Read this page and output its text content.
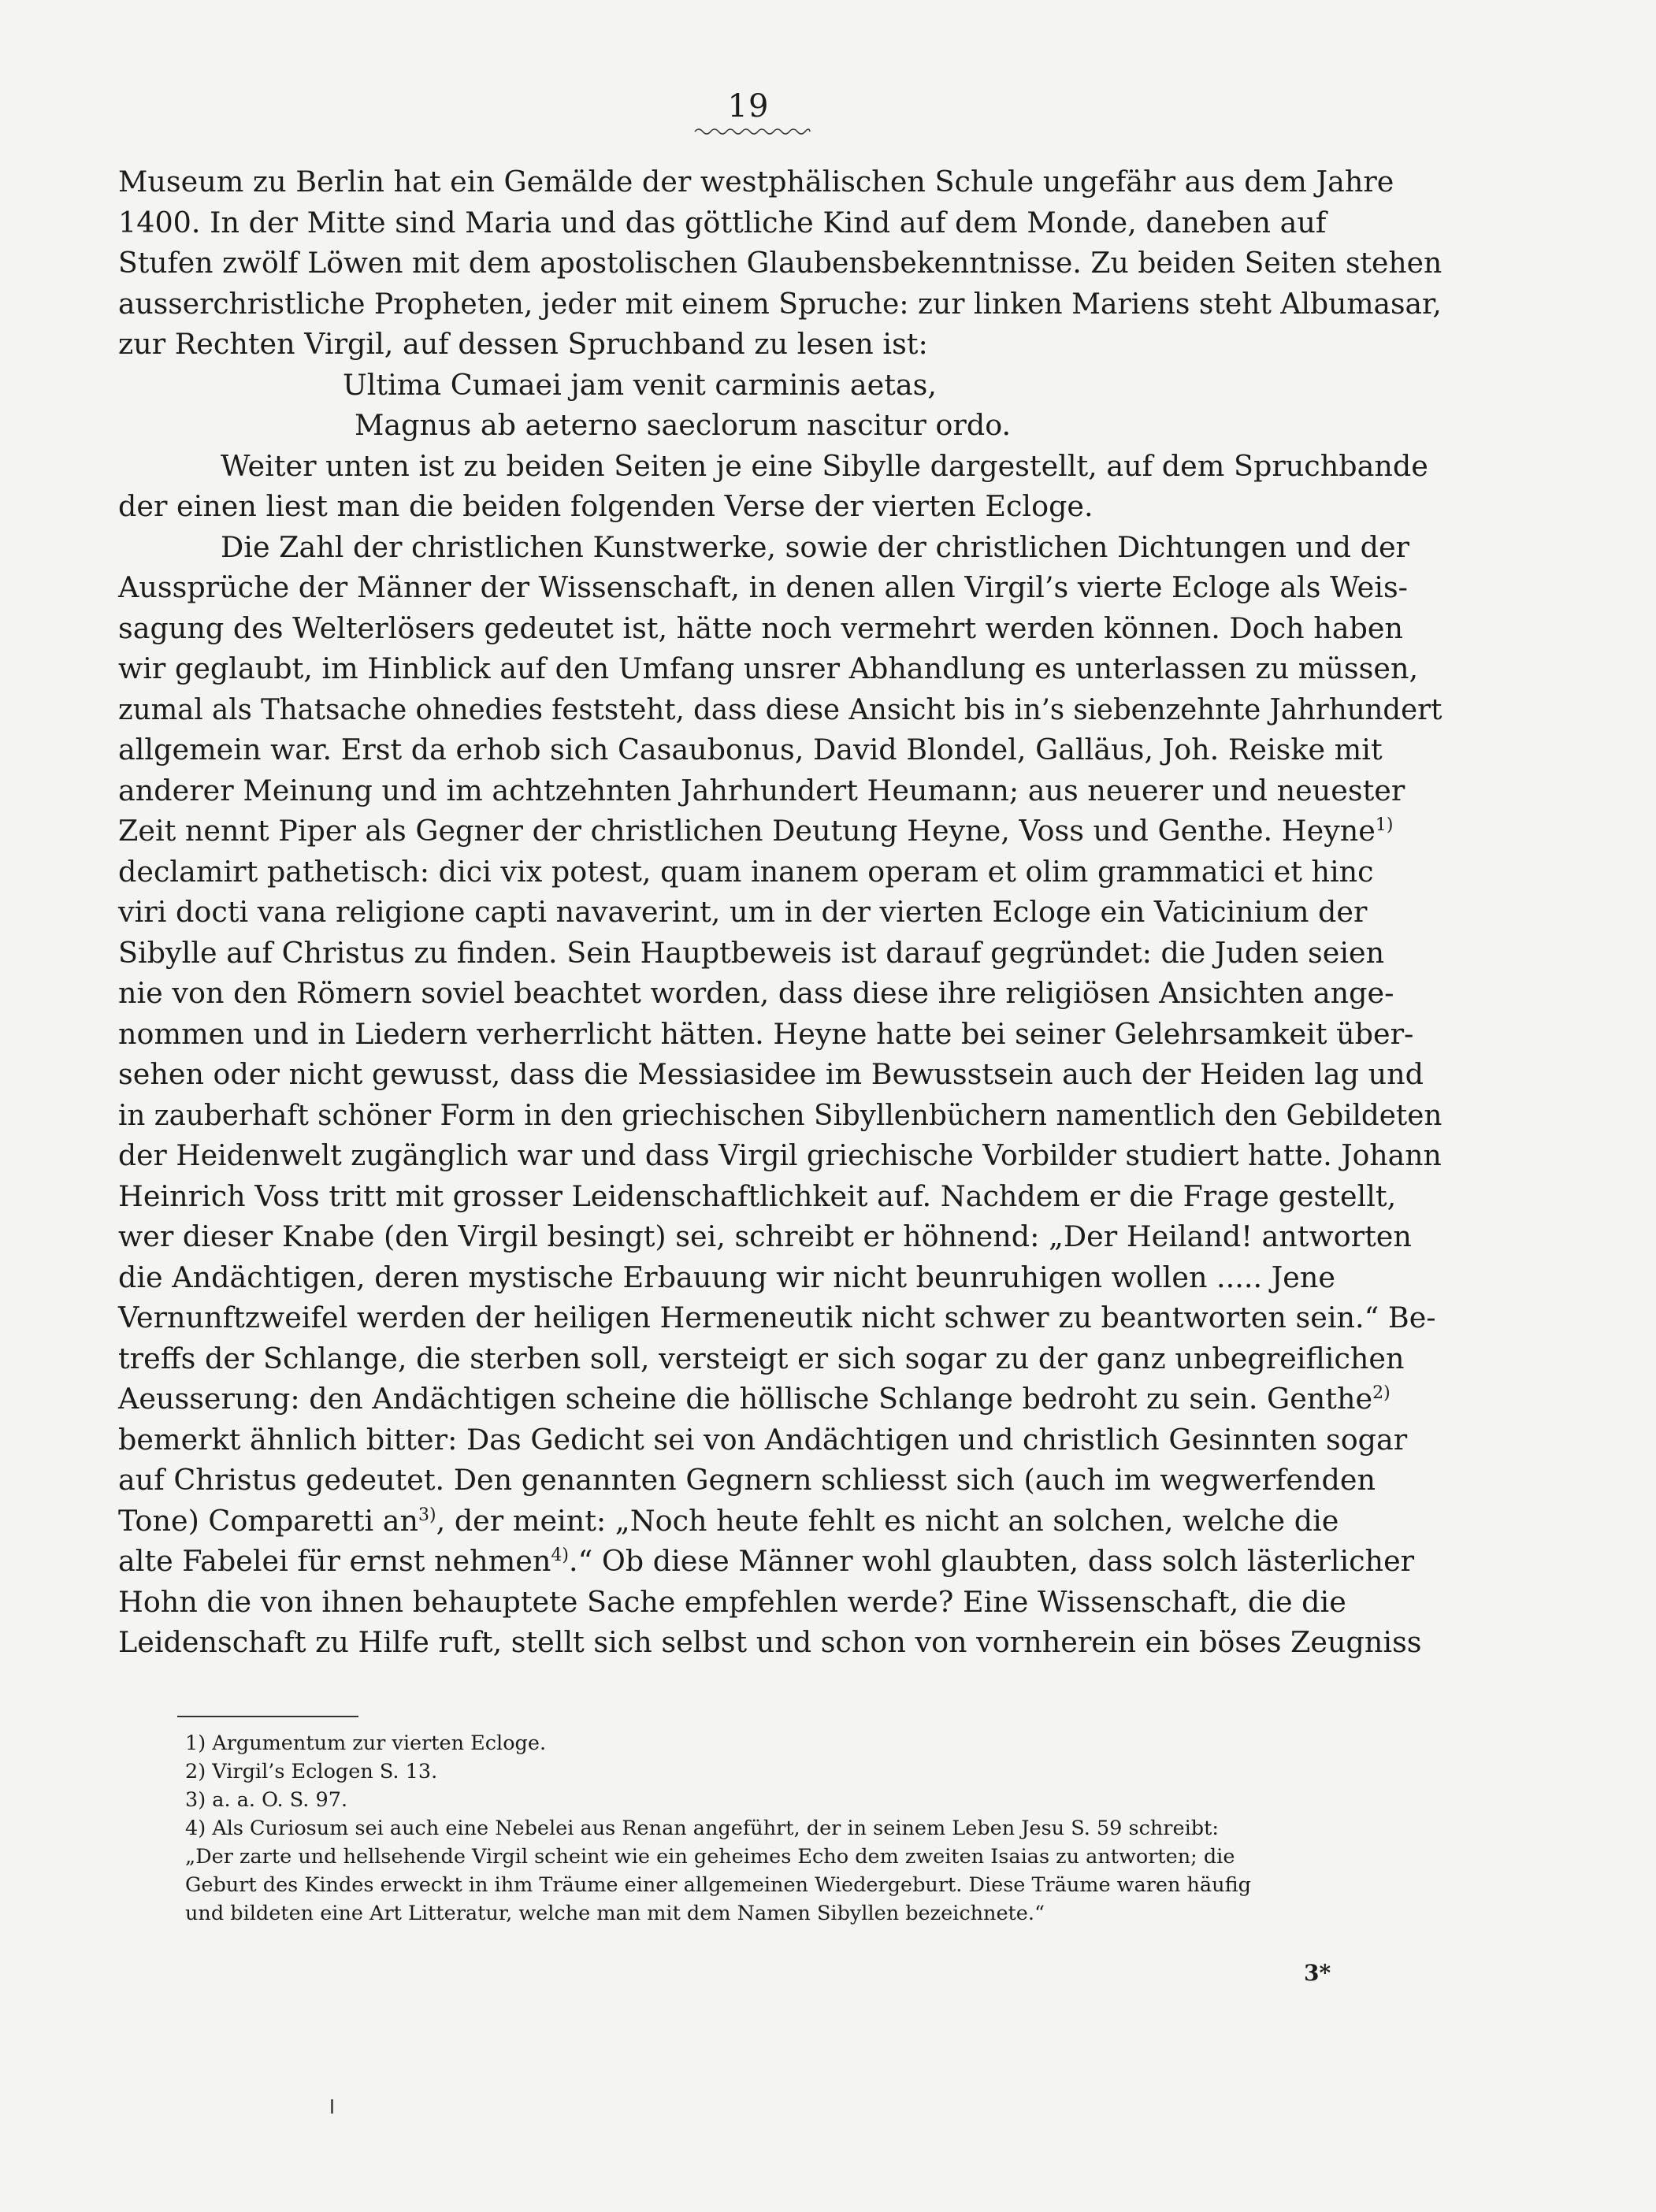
19
Museum zu Berlin hat ein Gemälde der westphälischen Schule ungefähr aus dem Jahre
1400. In der Mitte sind Maria und das göttliche Kind auf dem Monde, daneben auf
Stufen zwölf Löwen mit dem apostolischen Glaubensbekenntnisse. Zu beiden Seiten stehen
ausserchristliche Propheten, jeder mit einem Spruche: zur linken Mariens steht Albumasar,
zur Rechten Virgil, auf dessen Spruchband zu lesen ist:
Ultima Cumaei jam venit carminis aetas,
Magnus ab aeterno saeclorum nascitur ordo.
Weiter unten ist zu beiden Seiten je eine Sibylle dargestellt, auf dem Spruchbande
der einen liest man die beiden folgenden Verse der vierten Ecloge.
Die Zahl der christlichen Kunstwerke, sowie der christlichen Dichtungen und der
Aussprüche der Männer der Wissenschaft, in denen allen Virgil’s vierte Ecloge als Weis-
sagung des Welterlösers gedeutet ist, hätte noch vermehrt werden können. Doch haben
wir geglaubt, im Hinblick auf den Umfang unsrer Abhandlung es unterlassen zu müssen,
zumal als Thatsache ohnedies feststeht, dass diese Ansicht bis in’s siebenzehnte Jahrhundert
allgemein war. Erst da erhob sich Casaubonus, David Blondel, Galläus, Joh. Reiske mit
anderer Meinung und im achtzehnten Jahrhundert Heumann; aus neuerer und neuester
Zeit nennt Piper als Gegner der christlichen Deutung Heyne, Voss und Genthe. Heyne$^{1)}$
declamirt pathetisch: dici vix potest, quam inanem operam et olim grammatici et hinc
viri docti vana religione capti navaverint, um in der vierten Ecloge ein Vaticinium der
Sibylle auf Christus zu finden. Sein Hauptbeweis ist darauf gegründet: die Juden seien
nie von den Römern soviel beachtet worden, dass diese ihre religiösen Ansichten ange-
nommen und in Liedern verherrlicht hätten. Heyne hatte bei seiner Gelehrsamkeit über-
sehen oder nicht gewusst, dass die Messiasidee im Bewusstsein auch der Heiden lag und
in zauberhaft schöner Form in den griechischen Sibyllenbüchern namentlich den Gebildeten
der Heidenwelt zugänglich war und dass Virgil griechische Vorbilder studiert hatte. Johann
Heinrich Voss tritt mit grosser Leidenschaftlichkeit auf. Nachdem er die Frage gestellt,
wer dieser Knabe (den Virgil besingt) sei, schreibt er höhnend: „Der Heiland! antworten
die Andächtigen, deren mystische Erbauung wir nicht beunruhigen wollen ..... Jene
Vernunftzweifel werden der heiligen Hermeneutik nicht schwer zu beantworten sein.“ Be-
treffs der Schlange, die sterben soll, versteigt er sich sogar zu der ganz unbegreiflichen
Aeusserung: den Andächtigen scheine die höllische Schlange bedroht zu sein. Genthe$^{2)}$
bemerkt ähnlich bitter: Das Gedicht sei von Andächtigen und christlich Gesinnten sogar
auf Christus gedeutet. Den genannten Gegnern schliesst sich (auch im wegwerfenden
Tone) Comparetti $an^{3)}$, der meint: „Noch heute fehlt es nicht an solchen, welche die
alte Fabelei für ernst nehmen$^{4)}$.“ Ob diese Männer wohl glaubten, dass solch lästerlicher
Hohn die von ihnen behauptete Sache empfehlen werde? Eine Wissenschaft, die die
Leidenschaft zu Hilfe ruft, stellt sich selbst und schon von vornherein ein böses Zeugniss
1) Argumentum zur vierten Ecloge.
2) Virgil’s Eclogen S. 13.
3) a. a. O. S. 97.
4) Als Curiosum sei auch eine Nebelei aus Renan angeführt, der in seinem Leben Jesu S. 59 schreibt:
„Der zarte und hellsehende Virgil scheint wie ein geheimes Echo dem zweiten Isaias zu antworten; die
Geburt des Kindes erweckt in ihm Träume einer allgemeinen Wiedergeburt. Diese Träume waren häufig
und bildeten eine Art Litteratur, welche man mit dem Namen Sibyllen bezeichnete.“
3*
